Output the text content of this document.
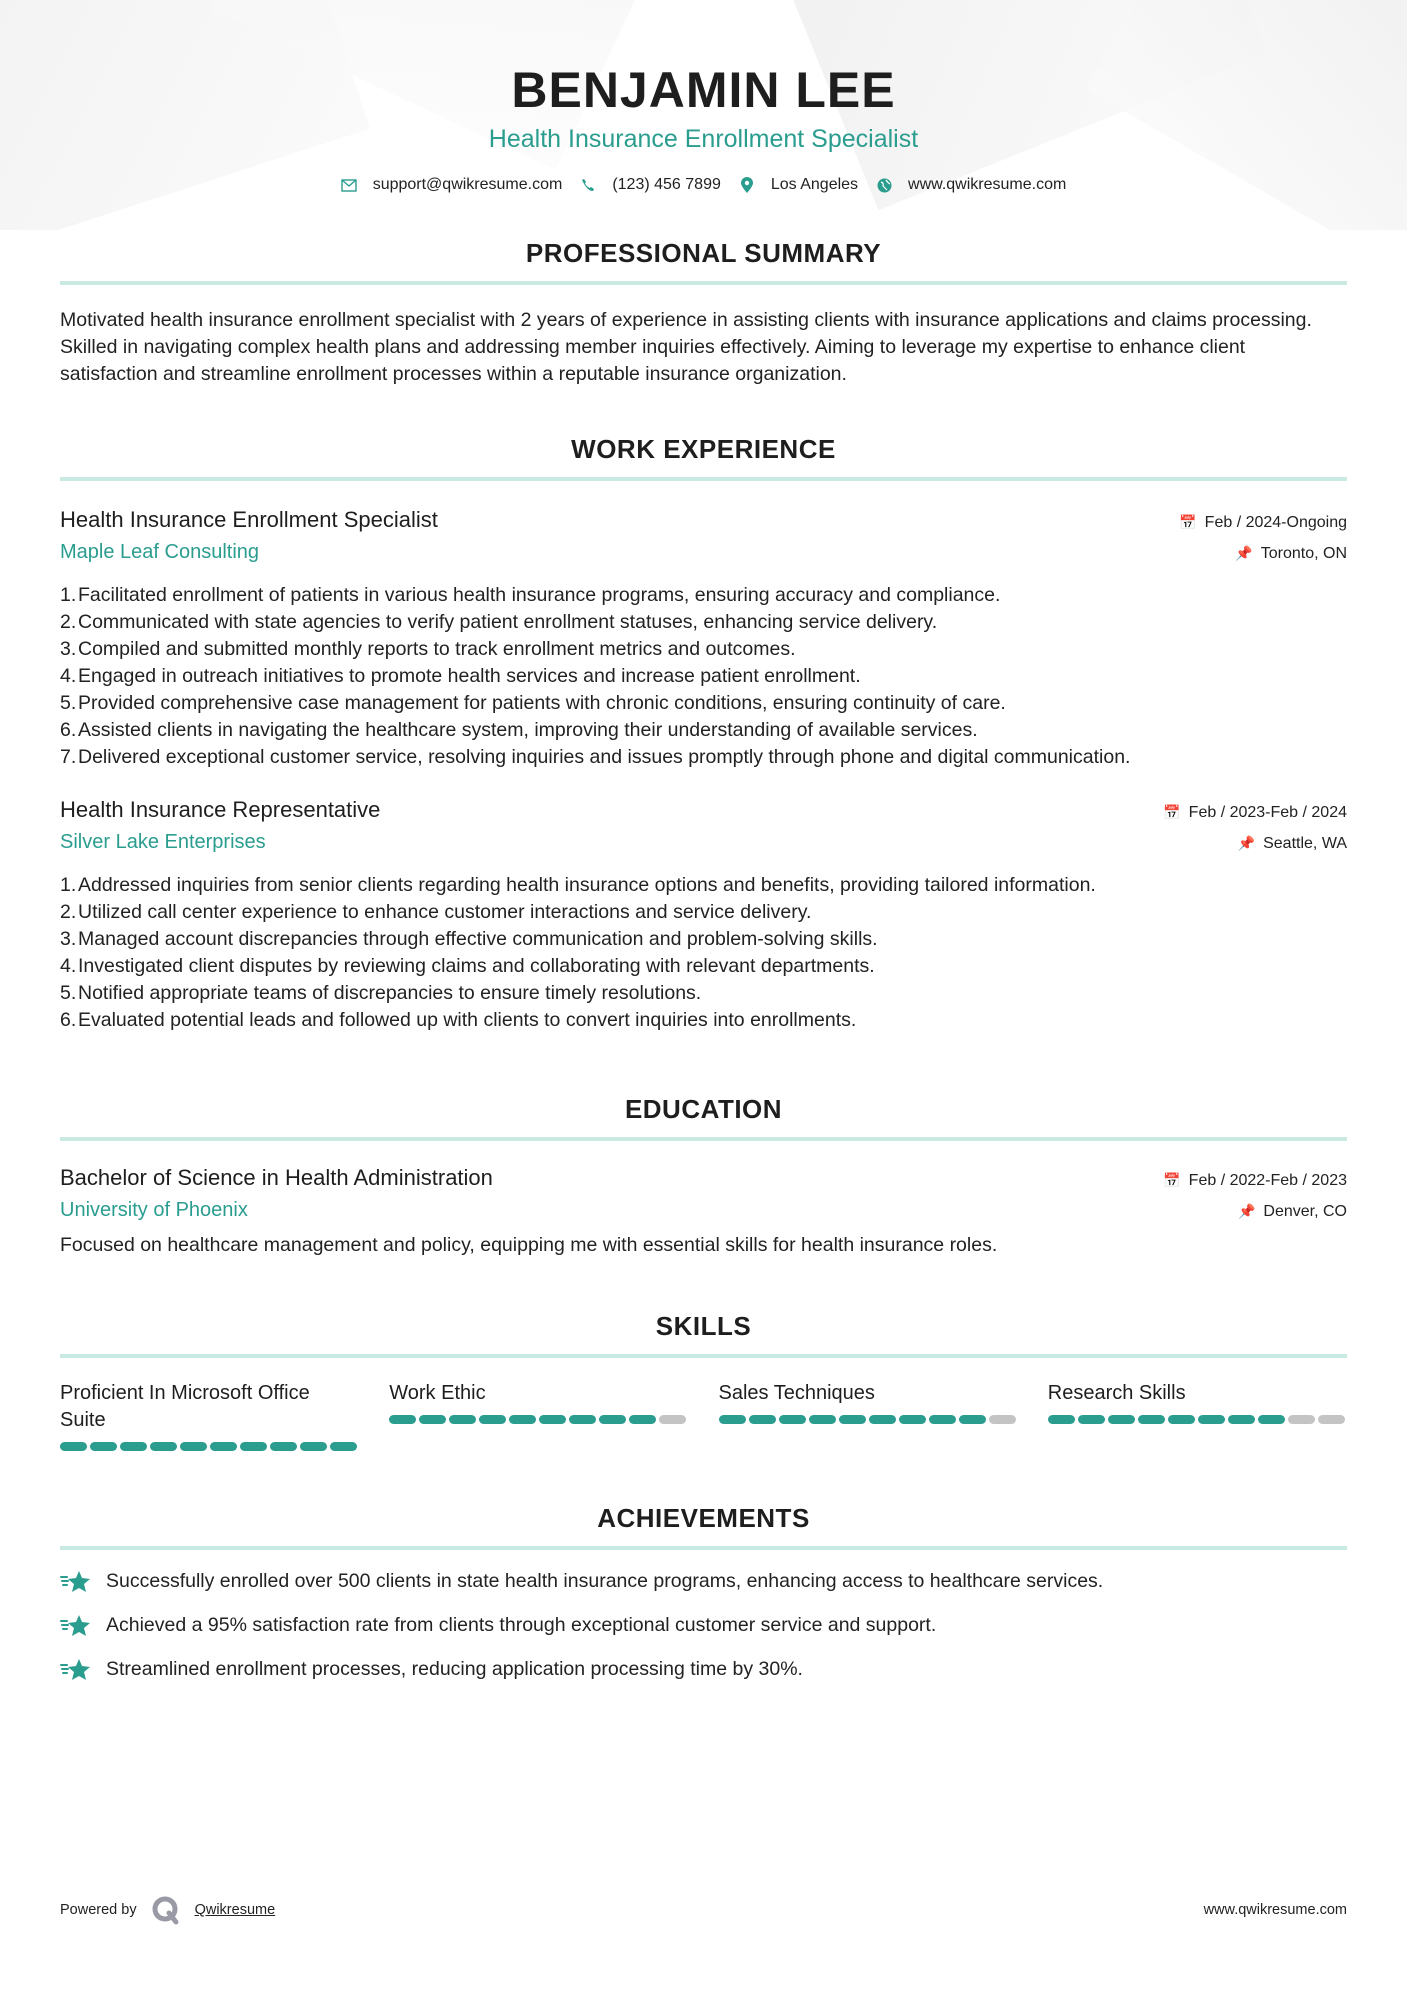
BENJAMIN LEE
Health Insurance Enrollment Specialist
support@qwikresume.com	(123) 456 7899	Los Angeles	www.qwikresume.com
PROFESSIONAL SUMMARY

Motivated health insurance enrollment specialist with 2 years of experience in assisting clients with insurance applications and claims processing. Skilled in navigating complex health plans and addressing member inquiries effectively. Aiming to leverage my expertise to enhance client satisfaction and streamline enrollment processes within a reputable insurance organization.

WORK EXPERIENCE
Health Insurance Enrollment Specialist	📅 Feb / 2024-Ongoing
Maple Leaf Consulting	📌 Toronto, ON
1. Facilitated enrollment of patients in various health insurance programs, ensuring accuracy and compliance.
2. Communicated with state agencies to verify patient enrollment statuses, enhancing service delivery.
3. Compiled and submitted monthly reports to track enrollment metrics and outcomes.
4. Engaged in outreach initiatives to promote health services and increase patient enrollment.
5. Provided comprehensive case management for patients with chronic conditions, ensuring continuity of care.
6. Assisted clients in navigating the healthcare system, improving their understanding of available services.
7. Delivered exceptional customer service, resolving inquiries and issues promptly through phone and digital communication.
Health Insurance Representative	📅 Feb / 2023-Feb / 2024
Silver Lake Enterprises	📌 Seattle, WA
1. Addressed inquiries from senior clients regarding health insurance options and benefits, providing tailored information.
2. Utilized call center experience to enhance customer interactions and service delivery.
3. Managed account discrepancies through effective communication and problem-solving skills.
4. Investigated client disputes by reviewing claims and collaborating with relevant departments.
5. Notified appropriate teams of discrepancies to ensure timely resolutions.
6. Evaluated potential leads and followed up with clients to convert inquiries into enrollments.
EDUCATION
Bachelor of Science in Health Administration	📅 Feb / 2022-Feb / 2023
University of Phoenix	📌 Denver, CO

Focused on healthcare management and policy, equipping me with essential skills for health insurance roles.

SKILLS
Proficient In Microsoft Office Suite
Work Ethic	Sales Techniques	Research Skills
ACHIEVEMENTS
Successfully enrolled over 500 clients in state health insurance programs, enhancing access to healthcare services.
Achieved a 95% satisfaction rate from clients through exceptional customer service and support.
Streamlined enrollment processes, reducing application processing time by 30%.
Powered by	Qwikresume	www.qwikresume.com
